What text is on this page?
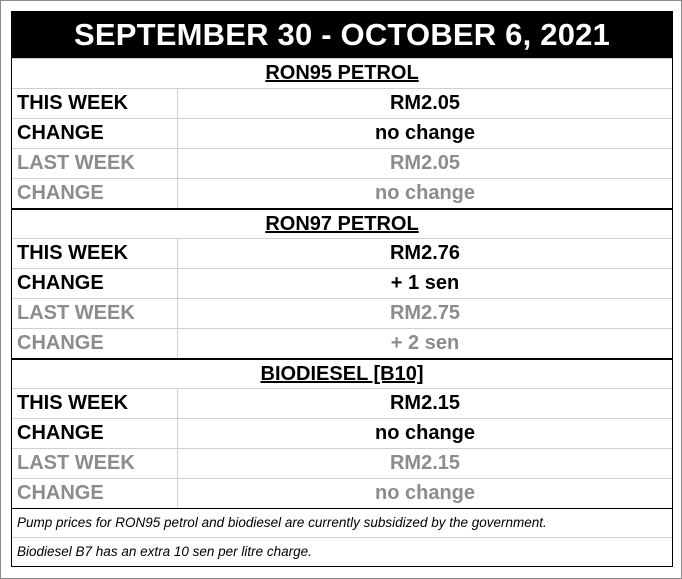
SEPTEMBER 30 - OCTOBER 6, 2021
RON95 PETROL
THIS WEEK	RM2.05
CHANGE	no change
LAST WEEK	RM2.05
CHANGE	no change
RON97 PETROL
THIS WEEK	RM2.76
CHANGE	+ 1 sen
LAST WEEK	RM2.75
CHANGE	+ 2 sen
BIODIESEL [B10]
THIS WEEK	RM2.15
CHANGE	no change
LAST WEEK	RM2.15
CHANGE	no change
Pump prices for RON95 petrol and biodiesel are currently subsidized by the government.
Biodiesel B7 has an extra 10 sen per litre charge.
